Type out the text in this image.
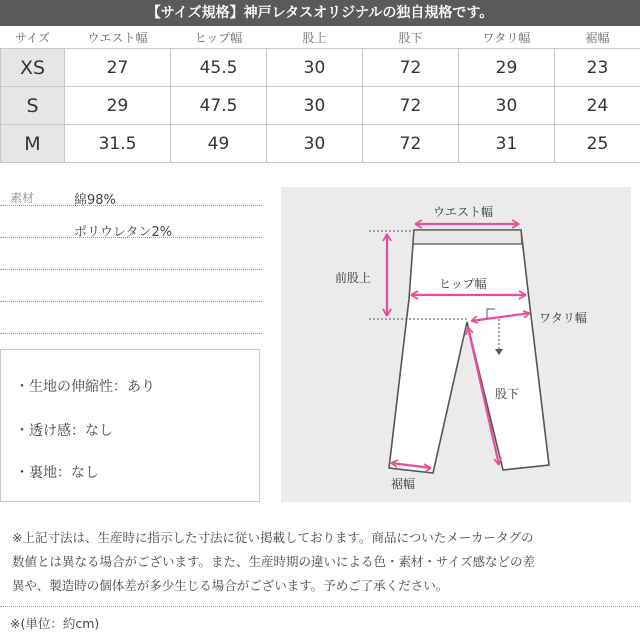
【サイズ規格】神戸レタスオリジナルの独自規格です。
サイズ	ウエスト幅	ヒップ幅	股上	股下	ワタリ幅	裾幅
XS	27	45.5	30	72	29	23
S	29	47.5	30	72	30	24
M	31.5	49	30	72	31	25
素材	綿98%
ポリウレタン2%
・生地の伸縮性：あり
・透け感：なし
・裏地：なし
ウエスト幅
前股上	ヒップ幅
ワタリ幅
股下
裾幅
※上記寸法は、生産時に指示した寸法に従い掲載しております。商品についたメーカータグの
数値とは異なる場合がございます。また、生産時期の違いによる色・素材・サイズ感などの差
異や、製造時の個体差が多少生じる場合がございます。予めご了承ください。
※(単位：約cm)
